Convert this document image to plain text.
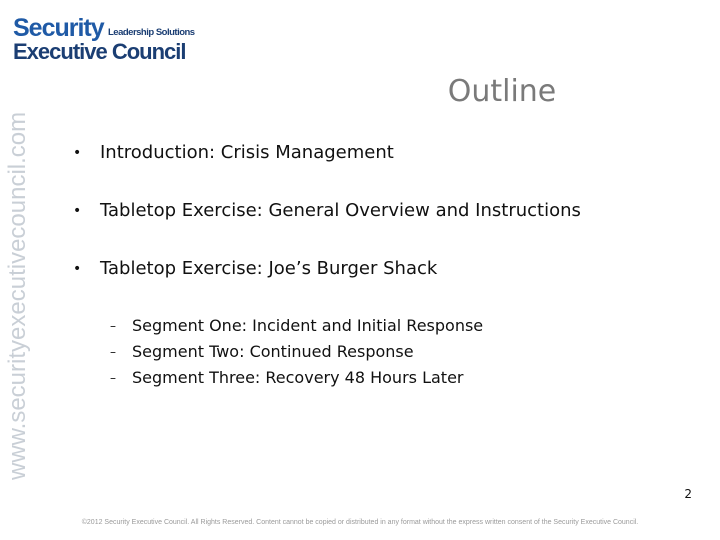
Security Leadership Solutions
Executive Council
Outline
www.securityexecutivecouncil.com	• Introduction: Crisis Management
• Tabletop Exercise: General Overview and Instructions
• Tabletop Exercise: Joe’s Burger Shack
– Segment One: Incident and Initial Response
– Segment Two: Continued Response
– Segment Three: Recovery 48 Hours Later
2
©2012 Security Executive Council. All Rights Reserved. Content cannot be copied or distributed in any format without the express written consent of the Security Executive Council.
